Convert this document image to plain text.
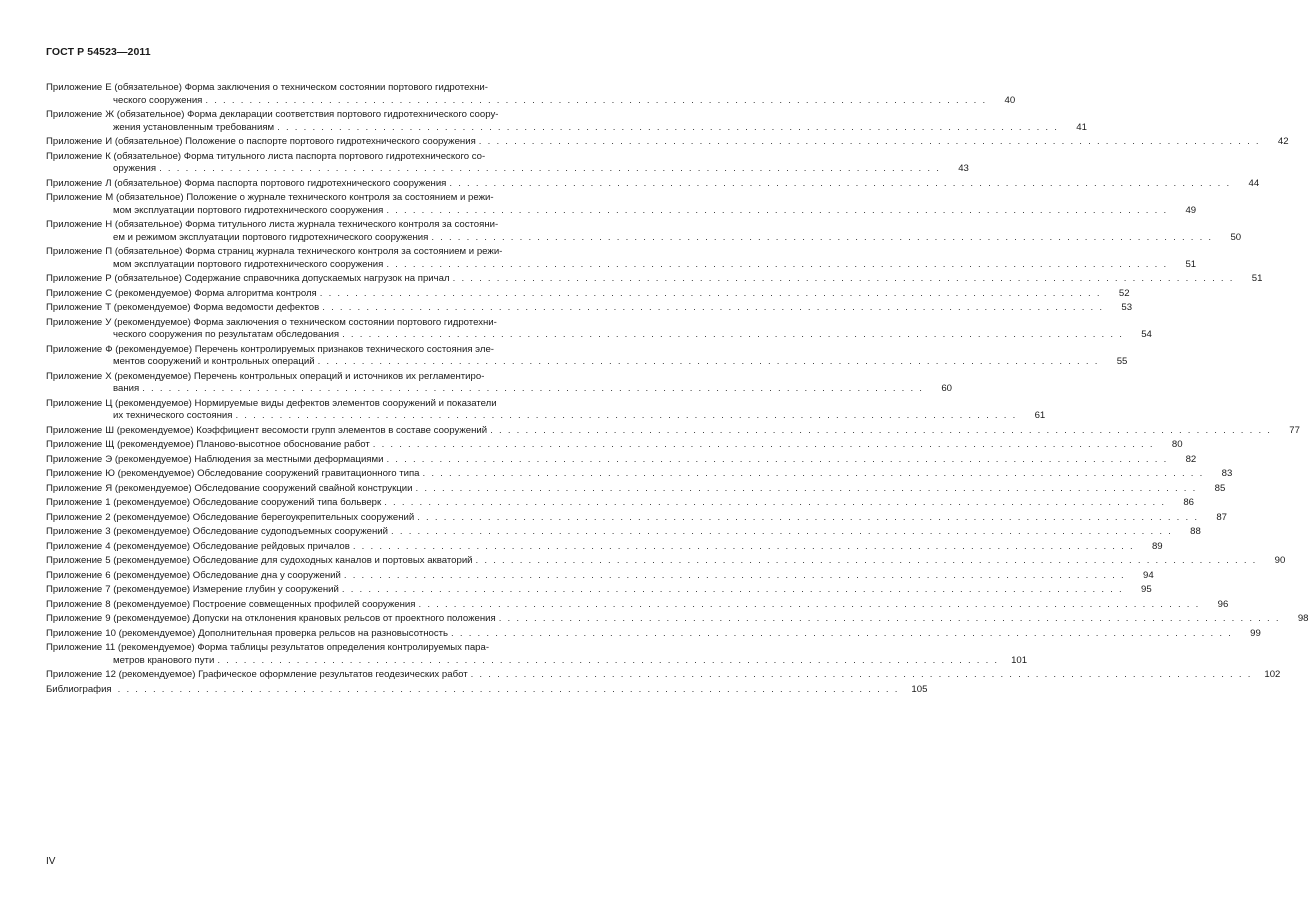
ГОСТ Р 54523—2011
Приложение Е (обязательное) Форма заключения о техническом состоянии портового гидротехни-
ческого сооружения . . .	40
Приложение Ж (обязательное) Форма декларации соответствия портового гидротехнического соору-
жения установленным требованиям . . .	41
Приложение И (обязательное) Положение о паспорте портового гидротехнического сооружения . . .	42
Приложение К (обязательное) Форма титульного листа паспорта портового гидротехнического со-
оружения . . .	43
Приложение Л (обязательное) Форма паспорта портового гидротехнического сооружения . . .	44
Приложение М (обязательное) Положение о журнале технического контроля за состоянием и режи-
мом эксплуатации портового гидротехнического сооружения . . .	49
Приложение Н (обязательное) Форма титульного листа журнала технического контроля за состояни-
ем и режимом эксплуатации портового гидротехнического сооружения . . .	50
Приложение П (обязательное) Форма страниц журнала технического контроля за состоянием и режи-
мом эксплуатации портового гидротехнического сооружения . . .	51
Приложение Р (обязательное) Содержание справочника допускаемых нагрузок на причал . . .	51
Приложение С (рекомендуемое) Форма алгоритма контроля . . .	52
Приложение Т (рекомендуемое) Форма ведомости дефектов . . .	53
Приложение У (рекомендуемое) Форма заключения о техническом состоянии портового гидротехни-
ческого сооружения по результатам обследования . . .	54
Приложение Ф (рекомендуемое) Перечень контролируемых признаков технического состояния эле-
ментов сооружений и контрольных операций . . .	55
Приложение Х (рекомендуемое) Перечень контрольных операций и источников их регламентиро-
вания . . .	60
Приложение Ц (рекомендуемое) Нормируемые виды дефектов элементов сооружений и показатели
их технического состояния . . .	61
Приложение Ш (рекомендуемое) Коэффициент весомости групп элементов в составе сооружений . . .	77
Приложение Щ (рекомендуемое) Планово-высотное обоснование работ . . .	80
Приложение Э (рекомендуемое) Наблюдения за местными деформациями . . .	82
Приложение Ю (рекомендуемое) Обследование сооружений гравитационного типа . . .	83
Приложение Я (рекомендуемое) Обследование сооружений свайной конструкции . . .	85
Приложение 1 (рекомендуемое) Обследование сооружений типа больверк . . .	86
Приложение 2 (рекомендуемое) Обследование берегоукрепительных сооружений . . .	87
Приложение 3 (рекомендуемое) Обследование судоподъемных сооружений . . .	88
Приложение 4 (рекомендуемое) Обследование рейдовых причалов . . .	89
Приложение 5 (рекомендуемое) Обследование для судоходных каналов и портовых акваторий . . .	90
Приложение 6 (рекомендуемое) Обследование дна у сооружений . . .	94
Приложение 7 (рекомендуемое) Измерение глубин у сооружений . . .	95
Приложение 8 (рекомендуемое) Построение совмещенных профилей сооружения . . .	96
Приложение 9 (рекомендуемое) Допуски на отклонения крановых рельсов от проектного положения . . .	98
Приложение 10 (рекомендуемое) Дополнительная проверка рельсов на разновысотность . . .	99
Приложение 11 (рекомендуемое) Форма таблицы результатов определения контролируемых пара-
метров кранового пути . . .	101
Приложение 12 (рекомендуемое) Графическое оформление результатов геодезических работ . . .	102
Библиография . . .	105
IV
